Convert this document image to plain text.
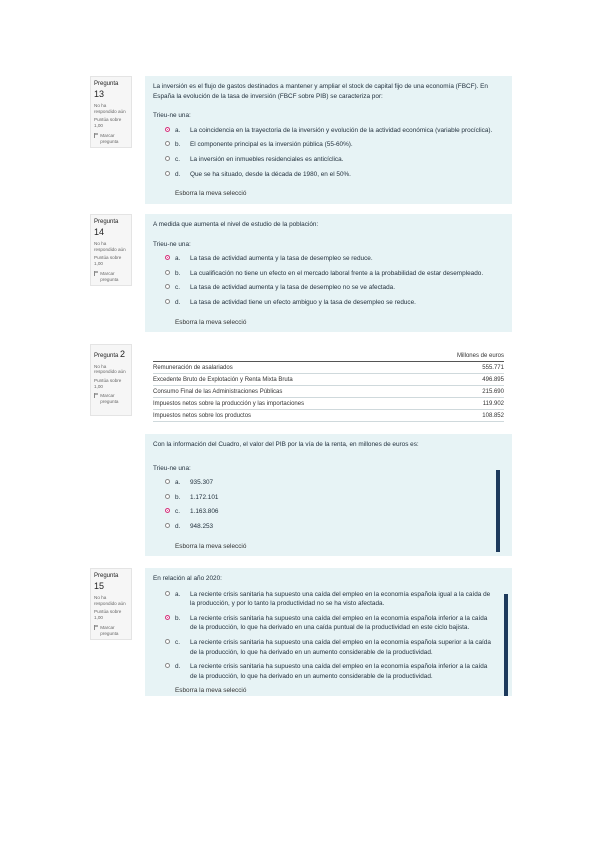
Pregunta 13
No ha respondido aún
Puntúa sobre 1,00
Marcar pregunta
La inversión es el flujo de gastos destinados a mantener y ampliar el stock de capital fijo de una economía (FBCF). En España la evolución de la tasa de inversión (FBCF sobre PIB) se caracteriza por:
Trieu-ne una:
a.	La coincidencia en la trayectoria de la inversión y evolución de la actividad económica (variable procíclica).
b.	El componente principal es la inversión pública (55-60%).
c.	La inversión en inmuebles residenciales es anticíclica.
d.	Que se ha situado, desde la década de 1980, en el 50%.
Esborra la meva selecció
Pregunta 14
No ha respondido aún
Puntúa sobre 1,00
Marcar pregunta
A medida que aumenta el nivel de estudio de la población:
Trieu-ne una:
a.	La tasa de actividad aumenta y la tasa de desempleo se reduce.
b.	La cualificación no tiene un efecto en el mercado laboral frente a la probabilidad de estar desempleado.
c.	La tasa de actividad aumenta y la tasa de desempleo no se ve afectada.
d.	La tasa de actividad tiene un efecto ambiguo y la tasa de desempleo se reduce.
Esborra la meva selecció
Pregunta 2
No ha respondido aún
Puntúa sobre 1,00
Marcar pregunta
	Millones de euros
Remuneración de asalariados	555.771
Excedente Bruto de Explotación y Renta Mixta Bruta	496.895
Consumo Final de las Administraciones Públicas	215.690
Impuestos netos sobre la producción y las importaciones	119.902
Impuestos netos sobre los productos	108.852
Con la información del Cuadro, el valor del PIB por la vía de la renta, en millones de euros es:
Trieu-ne una:
a.	935.307
b.	1.172.101
c.	1.163.806
d.	948.253
Esborra la meva selecció
Pregunta 15
No ha respondido aún
Puntúa sobre 1,00
Marcar pregunta
En relación al año 2020:
a.	La reciente crisis sanitaria ha supuesto una caída del empleo en la economía española igual a la caída de la producción, y por lo tanto la productividad no se ha visto afectada.
b.	La reciente crisis sanitaria ha supuesto una caída del empleo en la economía española inferior a la caída de la producción, lo que ha derivado en una caída puntual de la productividad en este ciclo bajista.
c.	La reciente crisis sanitaria ha supuesto una caída del empleo en la economía española superior a la caída de la producción, lo que ha derivado en un aumento considerable de la productividad.
d.	La reciente crisis sanitaria ha supuesto una caída del empleo en la economía española inferior a la caída de la producción, lo que ha derivado en un aumento considerable de la productividad.
Esborra la meva selecció
